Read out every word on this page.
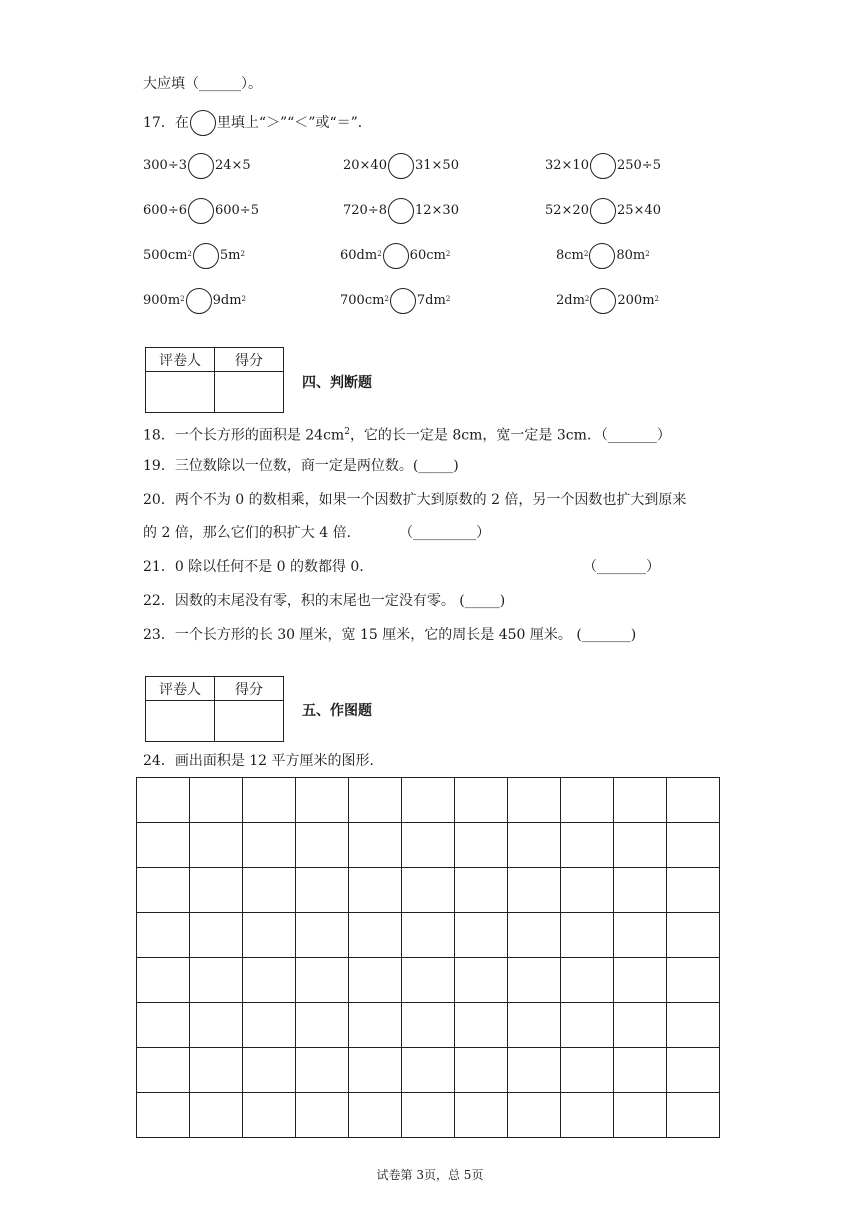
大应填（______）。
17．在 里填上“＞”“＜”或“＝”．
300÷3 24×5	20×40 31×50	32×10 250÷5
600÷6 600÷5	720÷8 12×30	52×20 25×40
$500cm^2$ $5m^2$	$60dm^2$ $60cm^2$	$8cm^2$ $80m^2$
$900m^2$ $9dm^2$	$700cm^2$ $7dm^2$	$2dm^2$ $200m^2$
评卷人	得分

四、判断题
18．一个长方形的面积是 $24cm^2$，它的长一定是 8cm，宽一定是 3cm．（_______）
19．三位数除以一位数，商一定是两位数。(_____)
20．两个不为 0 的数相乘，如果一个因数扩大到原数的 2 倍，另一个因数也扩大到原来
的 2 倍，那么它们的积扩大 4 倍．	（_________）
21．0 除以任何不是 0 的数都得 0．	（_______）
22．因数的末尾没有零，积的末尾也一定没有零。 (_____)
23．一个长方形的长 30 厘米，宽 15 厘米，它的周长是 450 厘米。 (_______)
评卷人	得分

五、作图题
24．画出面积是 12 平方厘米的图形．

试卷第 3页，总 5页
